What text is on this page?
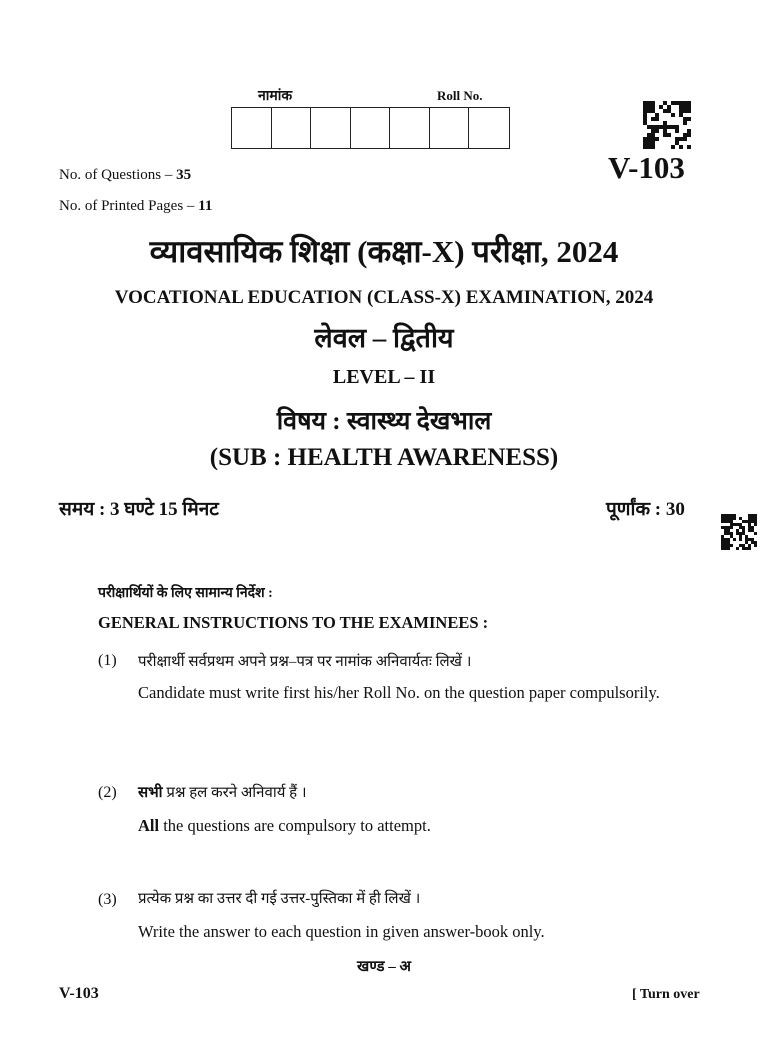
नामांक	Roll No.
V-103
No. of Questions – 35
No. of Printed Pages – 11
व्यावसायिक शिक्षा (कक्षा-X) परीक्षा, 2024
VOCATIONAL EDUCATION (CLASS-X) EXAMINATION, 2024
लेवल – द्वितीय
LEVEL – II
विषय : स्वास्थ्य देखभाल
(SUB : HEALTH AWARENESS)
समय : 3 घण्टे 15 मिनट	पूर्णांक : 30
परीक्षार्थियों के लिए सामान्य निर्देश :
GENERAL INSTRUCTIONS TO THE EXAMINEES :
(1) परीक्षार्थी सर्वप्रथम अपने प्रश्न–पत्र पर नामांक अनिवार्यतः लिखें ।
Candidate must write first his/her Roll No. on the question paper compulsorily.
(2) सभी प्रश्न हल करने अनिवार्य हैं ।
All the questions are compulsory to attempt.
(3) प्रत्येक प्रश्न का उत्तर दी गई उत्तर-पुस्तिका में ही लिखें ।
Write the answer to each question in given answer-book only.
खण्ड – अ
V-103	[ Turn over
